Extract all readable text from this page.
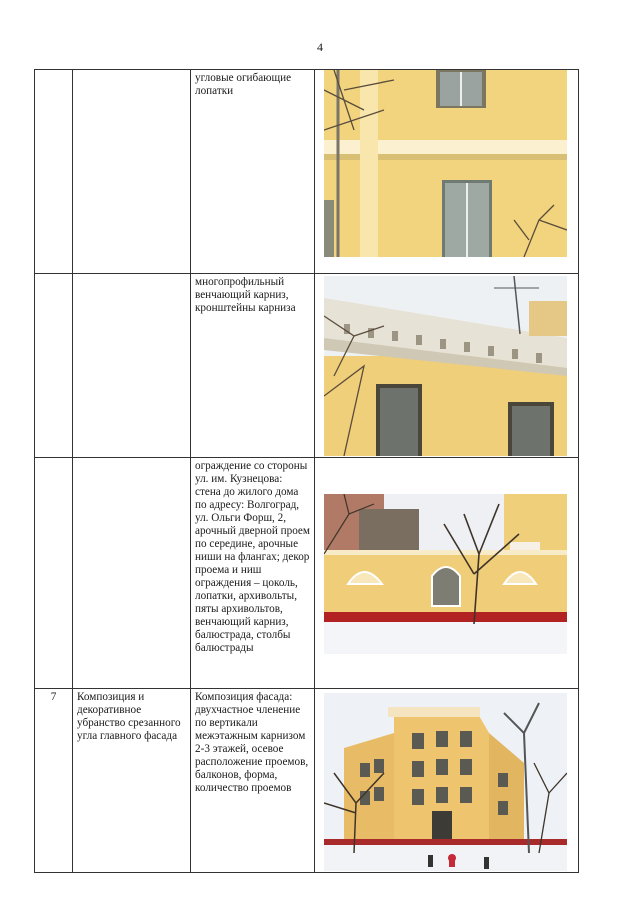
4
		угловые огибающие лопатки	

		многопрофильный венчающий карниз, кронштейны карниза	

		ограждение со стороны ул. им. Кузнецова: стена до жилого дома по адресу: Волгоград, ул. Ольги Форш, 2, арочный дверной проем по середине, арочные ниши на флангах; декор проема и ниш ограждения – цоколь, лопатки, архивольты, пяты архивольтов, венчающий карниз, балюстрада, столбы балюстрады	

7	Композиция и декоративное убранство срезанного угла главного фасада	Композиция фасада: двухчастное членение по вертикали межэтажным карнизом 2-3 этажей, осевое расположение проемов, балконов, форма, количество проемов	
